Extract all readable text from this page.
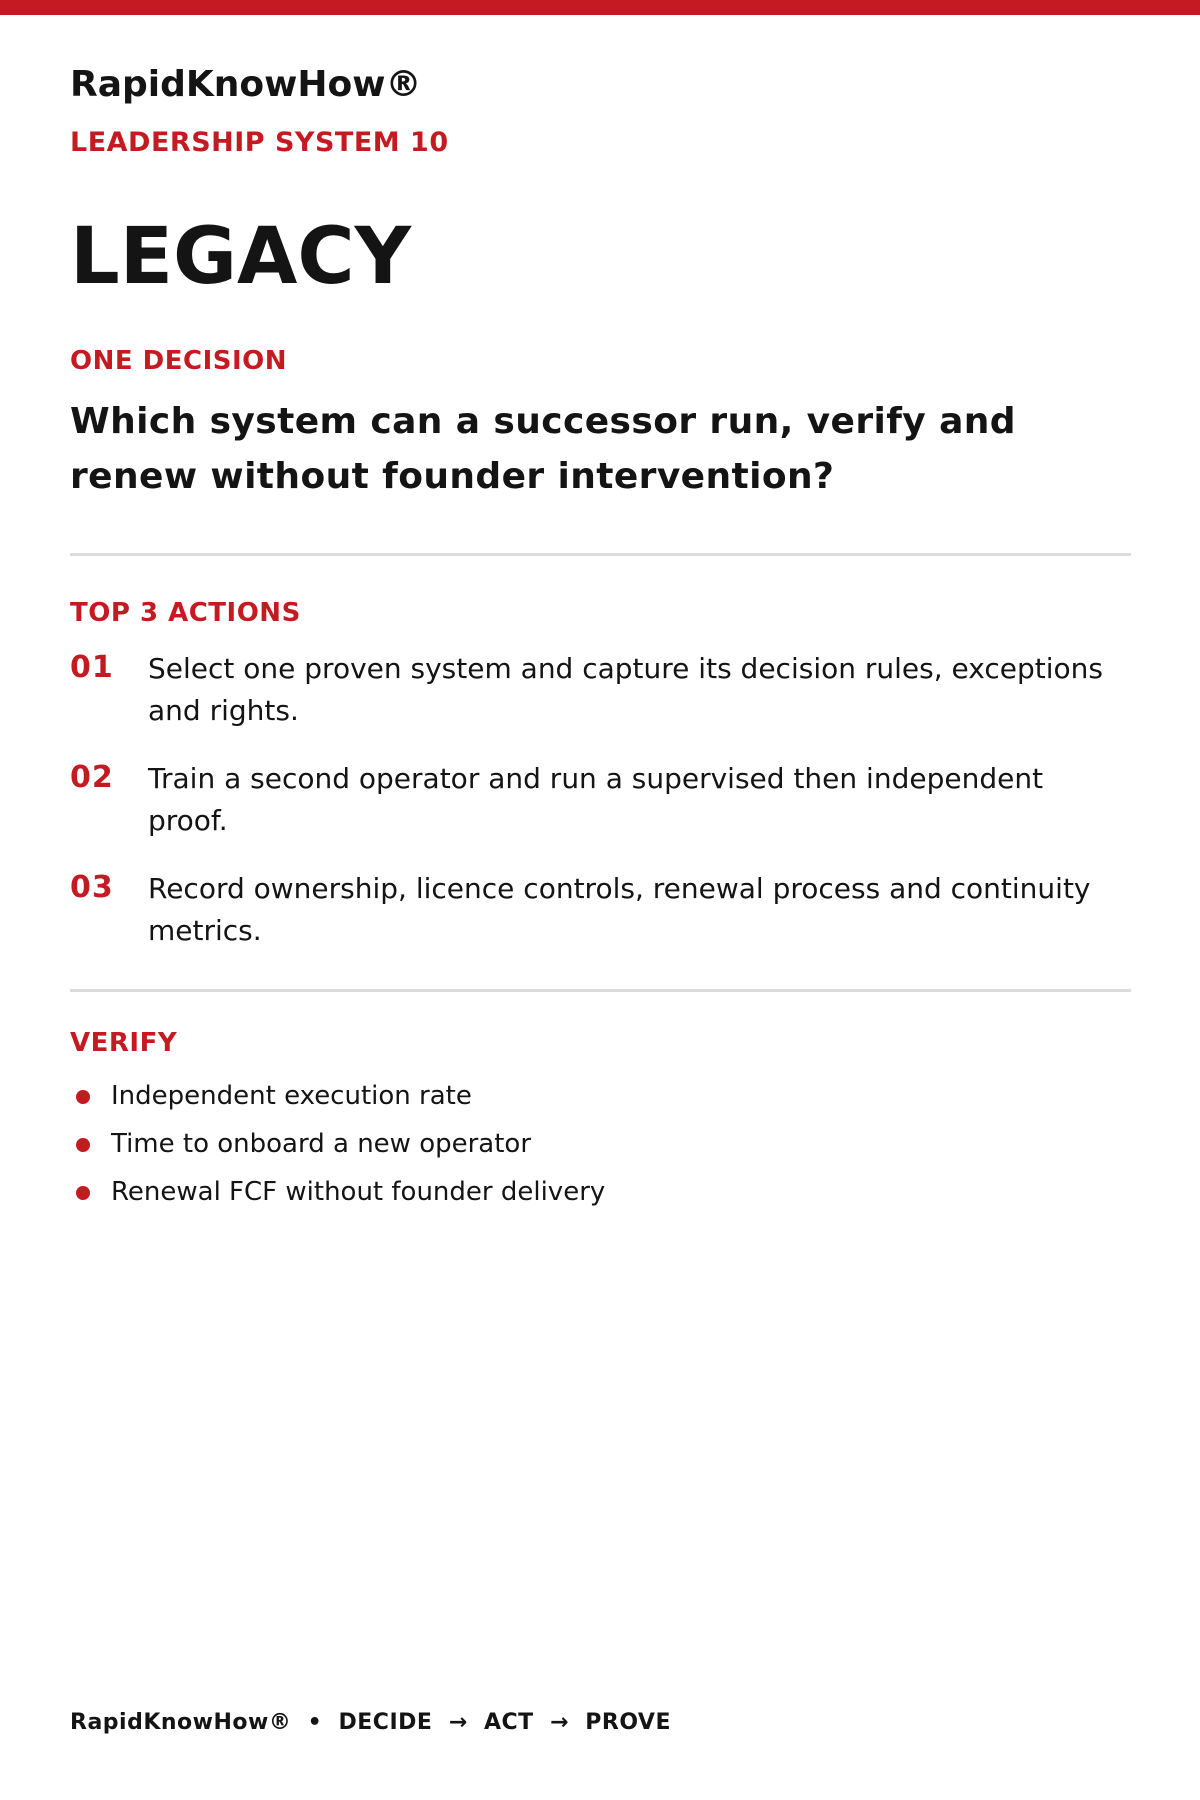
RapidKnowHow®
LEADERSHIP SYSTEM 10
LEGACY
ONE DECISION
Which system can a successor run, verify and renew without founder intervention?
TOP 3 ACTIONS
01 Select one proven system and capture its decision rules, exceptions and rights.
02 Train a second operator and run a supervised then independent proof.
03 Record ownership, licence controls, renewal process and continuity metrics.
VERIFY
Independent execution rate
Time to onboard a new operator
Renewal FCF without founder delivery
RapidKnowHow®  •  DECIDE  →  ACT  →  PROVE
